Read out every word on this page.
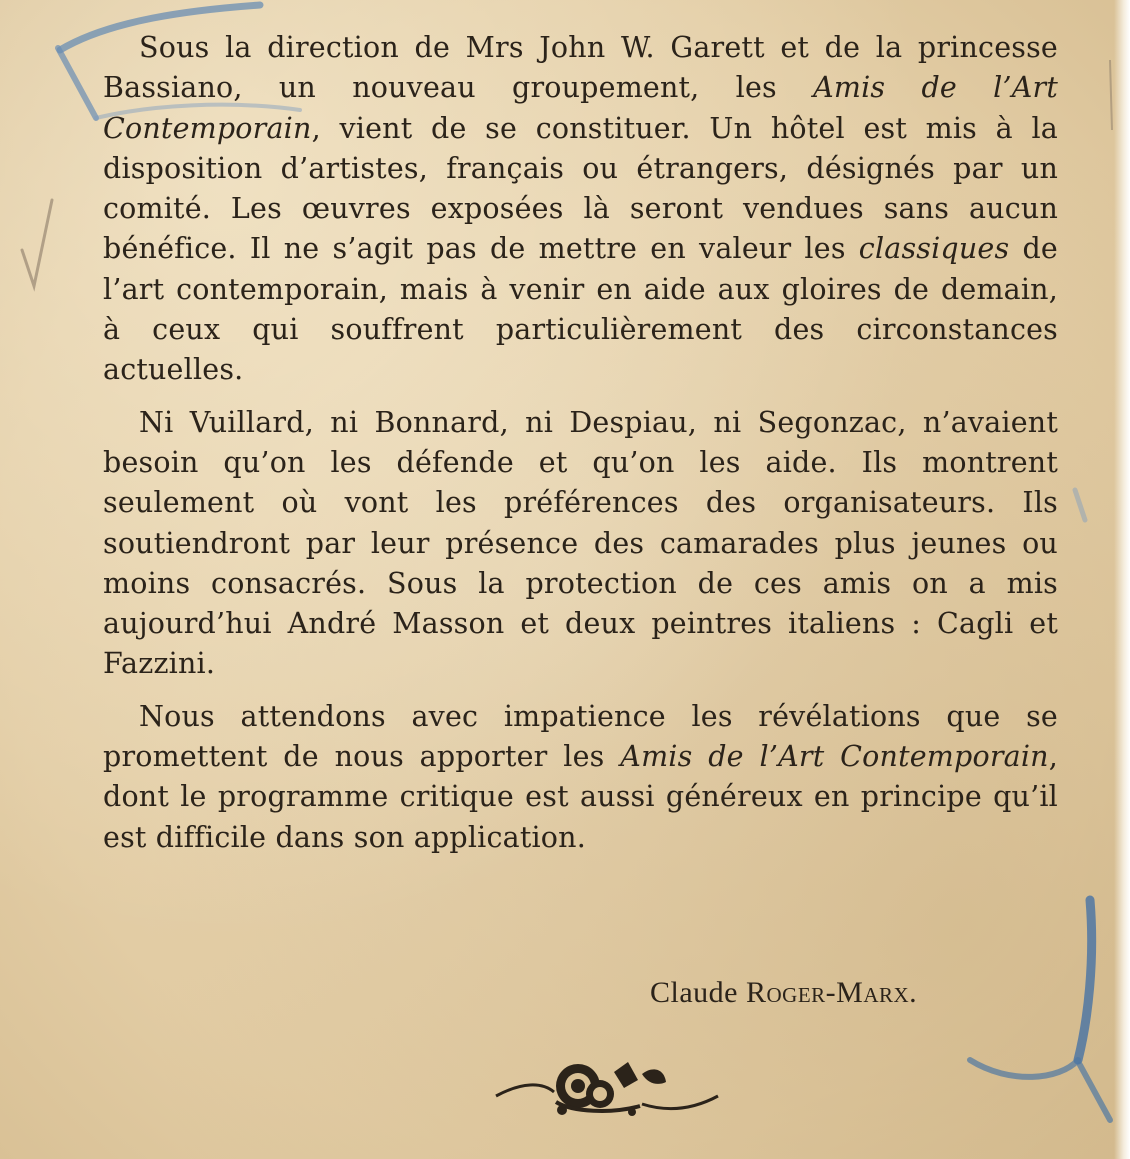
Sous la direction de Mrs John W. Garett et de la princesse Bassiano, un nouveau groupement, les Amis de l’Art Contemporain, vient de se constituer. Un hôtel est mis à la disposition d’artistes, français ou étrangers, désignés par un comité. Les œuvres exposées là seront vendues sans aucun bénéfice. Il ne s’agit pas de mettre en valeur les classiques de l’art contemporain, mais à venir en aide aux gloires de demain, à ceux qui souffrent particulièrement des circonstances actuelles.

Ni Vuillard, ni Bonnard, ni Despiau, ni Segonzac, n’avaient besoin qu’on les défende et qu’on les aide. Ils montrent seulement où vont les préférences des organisateurs. Ils soutiendront par leur présence des camarades plus jeunes ou moins consacrés. Sous la protection de ces amis on a mis aujourd’hui André Masson et deux peintres italiens : Cagli et Fazzini.

Nous attendons avec impatience les révélations que se promettent de nous apporter les Amis de l’Art Contemporain, dont le programme critique est aussi généreux en principe qu’il est difficile dans son application.

Claude Roger-Marx.
